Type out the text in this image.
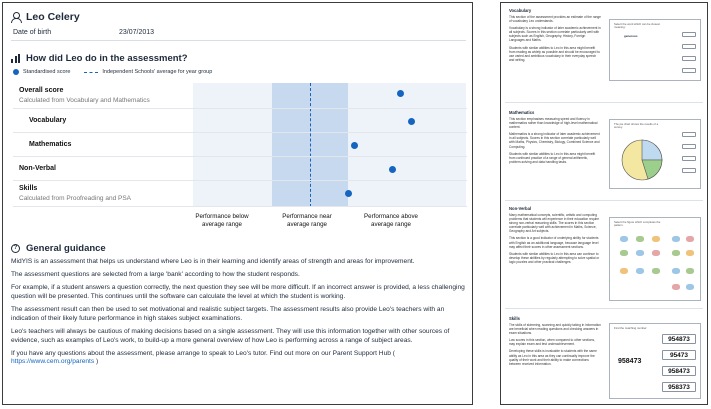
Leo Celery
Date of birth	23/07/2013
How did Leo do in the assessment?
Standardised score	Independent Schools' average for year group
Overall score
Calculated from Vocabulary and Mathematics
Vocabulary
Mathematics
Non-Verbal
Skills
Calculated from Proofreading and PSA
Performance below
average range
Performance near
average range
Performance above
average range
? General guidance

MidYIS is an assessment that helps us understand where Leo is in their learning and identify areas of strength and areas for improvement.

The assessment questions are selected from a large 'bank' according to how the student responds.

For example, if a student answers a question correctly, the next question they see will be more difficult. If an incorrect answer is provided, a less challenging question will be presented. This continues until the software can calculate the level at which the student is working.

The assessment result can then be used to set motivational and realistic subject targets. The assessment results also provide Leo's teachers with an indication of their likely future performance in high stakes subject examinations.

Leo's teachers will always be cautious of making decisions based on a single assessment. They will use this information together with other sources of evidence, such as examples of Leo's work, to build-up a more general overview of how Leo is performing across a range of subject areas.

If you have any questions about the assessment, please arrange to speak to Leo's tutor. Find out more on our Parent Support Hub ( https://www.cem.org/parents )

Vocabulary

This section of the assessment provides an estimate of the range of vocabulary Leo understands.

Vocabulary is a strong indicator of later academic achievement in all subjects. Scores in this section correlate particularly well with subjects such as English, Geography, History, Foreign Languages and Maths.

Students with similar abilities to Leo in this area might benefit from reading as widely as possible and should be encouraged to use varied and ambitious vocabulary in their everyday speech and writing.

Select the word which can be closest meaning:
generous
Mathematics

This section emphasises measuring speed and fluency in mathematics rather than knowledge of high-level mathematical content.

Mathematics is a strong indicator of later academic achievement in all subjects. Scores in this section correlate particularly well with Maths, Physics, Chemistry, Biology, Combined Science and Computing.

Students with similar abilities to Leo in this area might benefit from continued practice of a range of general arithmetic, problem-solving and data handling tasks.

The pie chart shows the results of a survey.
Non-Verbal

Many mathematical concepts, scientific, artistic and computing problems that students will experience in their education require strong non-verbal reasoning skills. The scores in this section correlate particularly well with achievement in Maths, Science, Geography and Art subjects.

This section is a good indicator of underlying ability for students with English as an additional language, because language level may affect their scores in other assessment sections.

Students with similar abilities to Leo in this area can continue to develop these abilities by regularly attempting to solve spatial or logic puzzles and other practical challenges.

Select the figure which completes the pattern.
Skills

The skills of skimming, scanning and quickly taking in information are beneficial when reading questions and checking answers in exam situations.

Low scores in this section, when compared to other sections, may explain exam and test underachievement.

Developing these skills is invaluable to students with the same ability as Leo in this area as they can continually improve the quality of their work and their ability to make connections between received information.

Find the matching number:
958473
954873
95473
958473
958373
